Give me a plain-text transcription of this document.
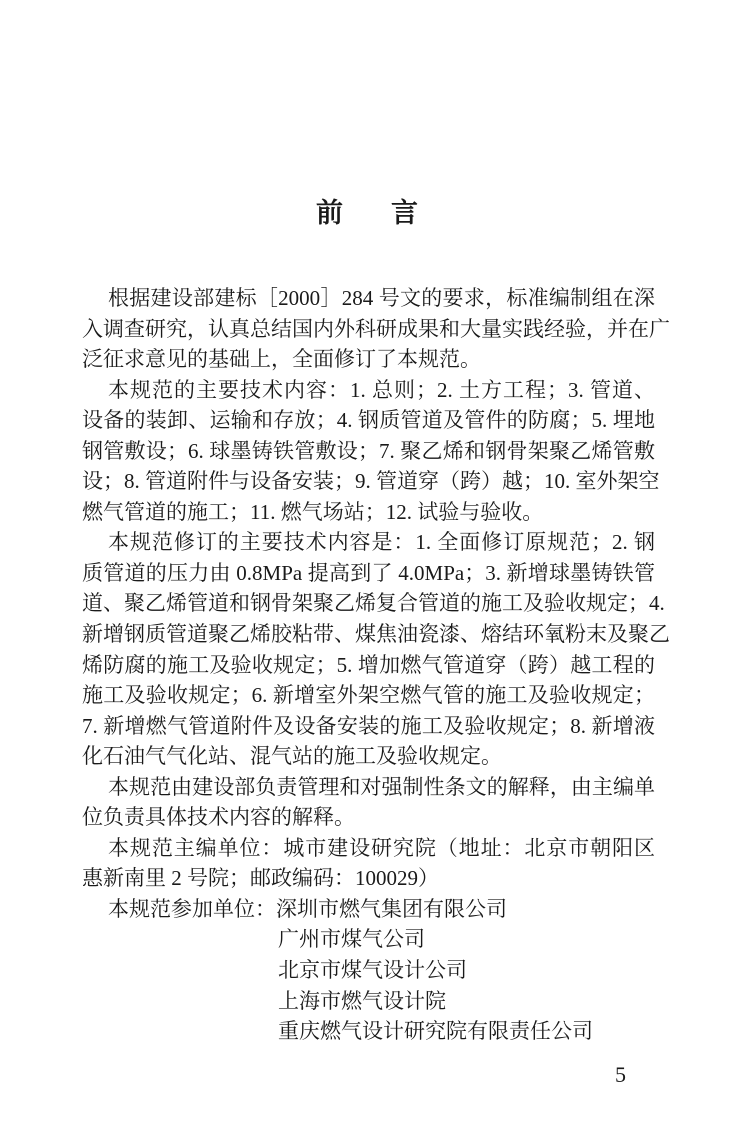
前 言
根据建设部建标［2000］284 号文的要求，标准编制组在深
入调查研究，认真总结国内外科研成果和大量实践经验，并在广
泛征求意见的基础上，全面修订了本规范。
本规范的主要技术内容：1. 总则；2. 土方工程；3. 管道、
设备的装卸、运输和存放；4. 钢质管道及管件的防腐；5. 埋地
钢管敷设；6. 球墨铸铁管敷设；7. 聚乙烯和钢骨架聚乙烯管敷
设；8. 管道附件与设备安装；9. 管道穿（跨）越；10. 室外架空
燃气管道的施工；11. 燃气场站；12. 试验与验收。
本规范修订的主要技术内容是：1. 全面修订原规范；2. 钢
质管道的压力由 0.8MPa 提高到了 4.0MPa；3. 新增球墨铸铁管
道、聚乙烯管道和钢骨架聚乙烯复合管道的施工及验收规定；4.
新增钢质管道聚乙烯胶粘带、煤焦油瓷漆、熔结环氧粉末及聚乙
烯防腐的施工及验收规定；5. 增加燃气管道穿（跨）越工程的
施工及验收规定；6. 新增室外架空燃气管的施工及验收规定；
7. 新增燃气管道附件及设备安装的施工及验收规定；8. 新增液
化石油气气化站、混气站的施工及验收规定。
本规范由建设部负责管理和对强制性条文的解释，由主编单
位负责具体技术内容的解释。
本规范主编单位：城市建设研究院（地址：北京市朝阳区
惠新南里 2 号院；邮政编码：100029）
本规范参加单位：深圳市燃气集团有限公司
广州市煤气公司
北京市煤气设计公司
上海市燃气设计院
重庆燃气设计研究院有限责任公司
5
